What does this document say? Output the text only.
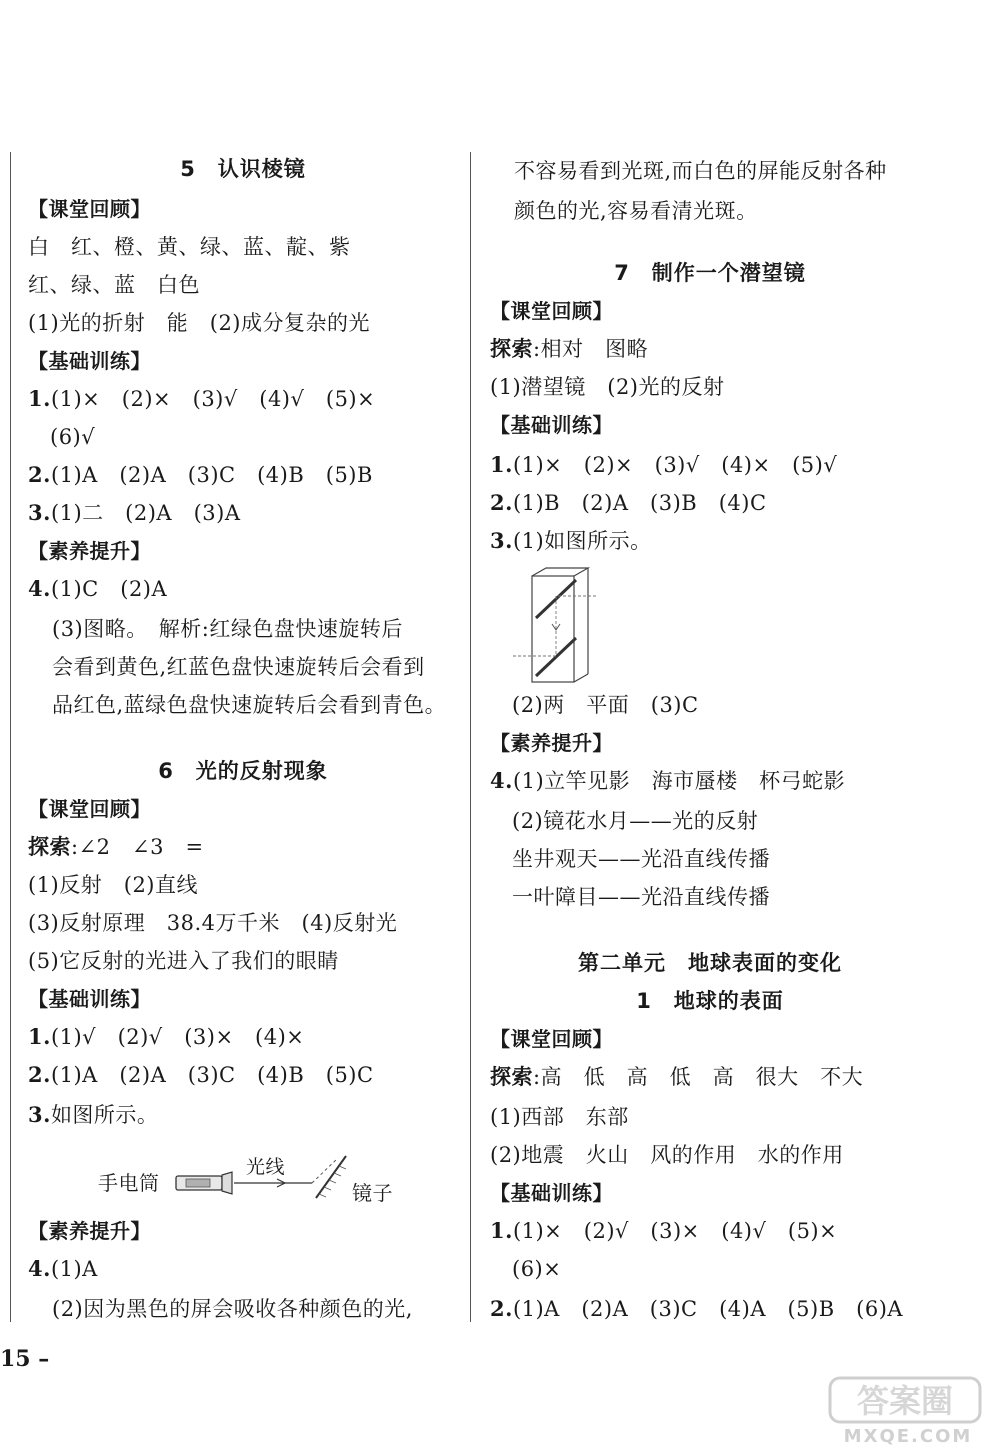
5　认识棱镜
【课堂回顾】
白　红、橙、黄、绿、蓝、靛、紫
红、绿、蓝　白色
(1)光的折射　能　(2)成分复杂的光
【基础训练】
1.(1)×　(2)×　(3)√　(4)√　(5)×
(6)√
2.(1)A　(2)A　(3)C　(4)B　(5)B
3.(1)二　(2)A　(3)A
【素养提升】
4.(1)C　(2)A
(3)图略。　解析:红绿色盘快速旋转后
会看到黄色,红蓝色盘快速旋转后会看到
品红色,蓝绿色盘快速旋转后会看到青色。
6　光的反射现象
【课堂回顾】
探索:∠2　∠3　=
(1)反射　(2)直线
(3)反射原理　38.4万千米　(4)反射光
(5)它反射的光进入了我们的眼睛
【基础训练】
1.(1)√　(2)√　(3)×　(4)×
2.(1)A　(2)A　(3)C　(4)B　(5)C
3.如图所示。
手电筒
光线
镜子
【素养提升】
4.(1)A
(2)因为黑色的屏会吸收各种颜色的光,
不容易看到光斑,而白色的屏能反射各种
颜色的光,容易看清光斑。
7　制作一个潜望镜
【课堂回顾】
探索:相对　图略
(1)潜望镜　(2)光的反射
【基础训练】
1.(1)×　(2)×　(3)√　(4)×　(5)√
2.(1)B　(2)A　(3)B　(4)C
3.(1)如图所示。
(2)两　平面　(3)C
【素养提升】
4.(1)立竿见影　海市蜃楼　杯弓蛇影
(2)镜花水月——光的反射
坐井观天——光沿直线传播
一叶障目——光沿直线传播
第二单元　地球表面的变化
1　地球的表面
【课堂回顾】
探索:高　低　高　低　高　很大　不大
(1)西部　东部
(2)地震　火山　风的作用　水的作用
【基础训练】
1.(1)×　(2)√　(3)×　(4)√　(5)×
(6)×
2.(1)A　(2)A　(3)C　(4)A　(5)B　(6)A
15 –
答案圈
MXQE.COM
